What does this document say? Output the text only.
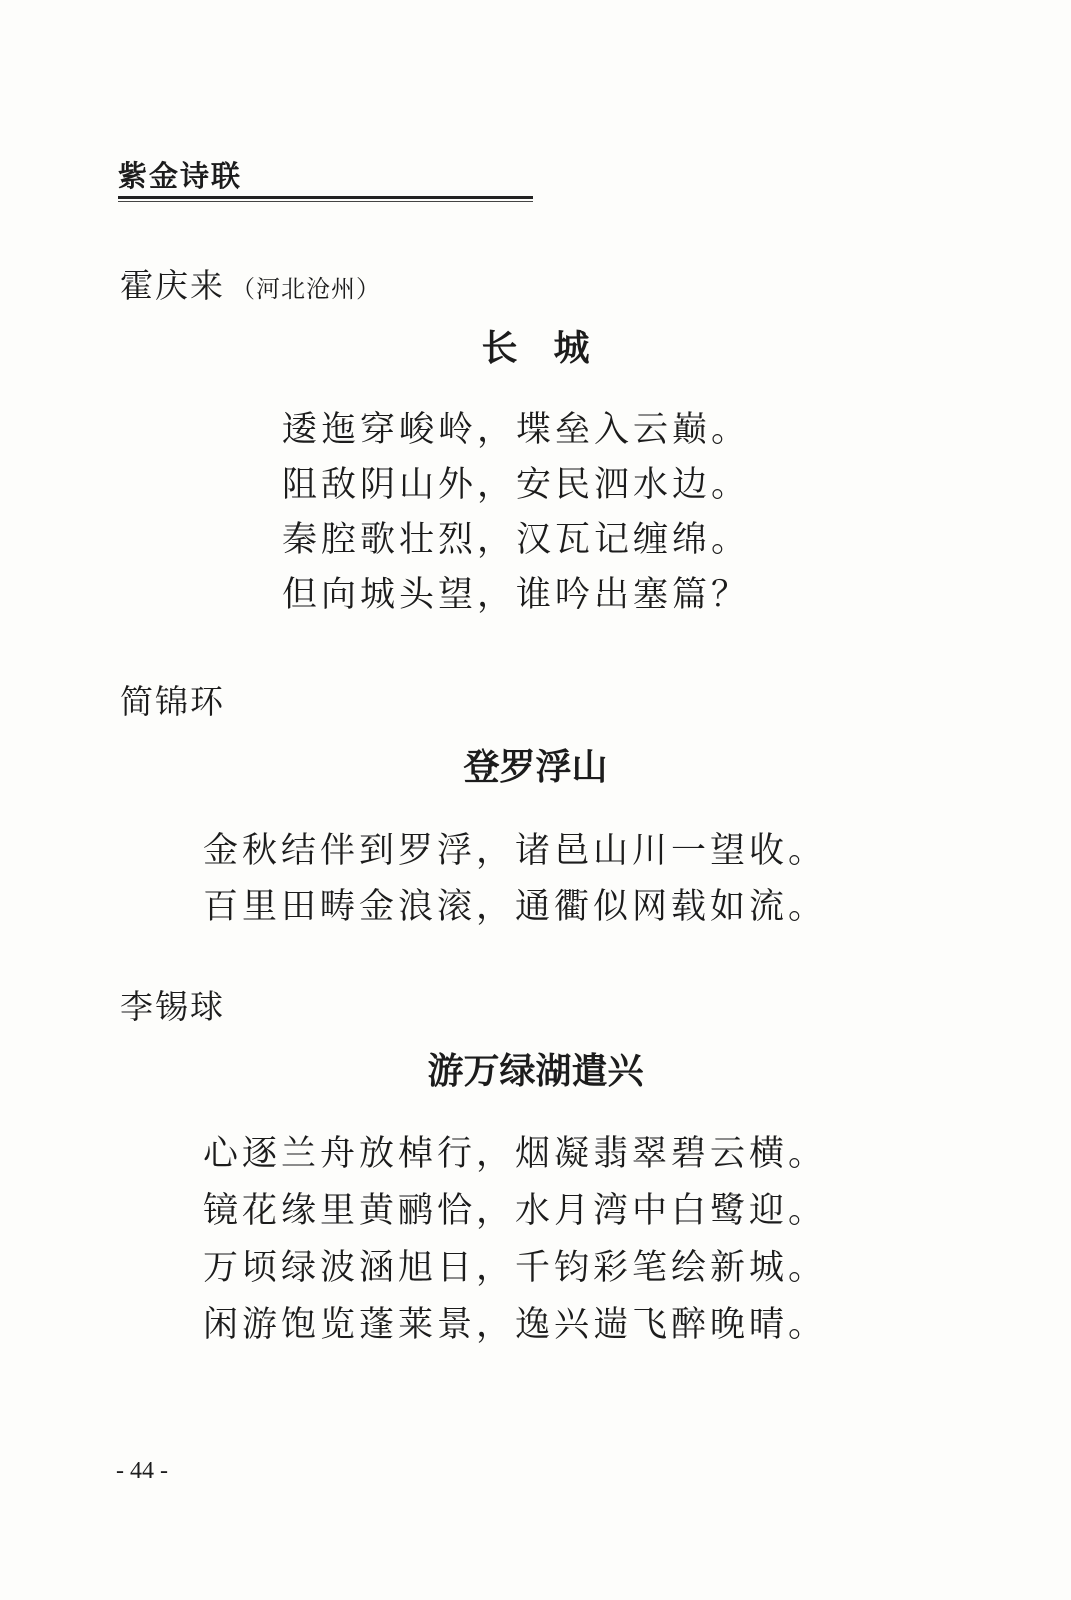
紫金诗联
霍庆来 （河北沧州）
长　城
逶迤穿峻岭，堞垒入云巅。
阻敌阴山外，安民泗水边。
秦腔歌壮烈，汉瓦记缠绵。
但向城头望，谁吟出塞篇？
简锦环
登罗浮山
金秋结伴到罗浮，诸邑山川一望收。
百里田畴金浪滚，通衢似网载如流。
李锡球
游万绿湖遣兴
心逐兰舟放棹行，烟凝翡翠碧云横。
镜花缘里黄鹂恰，水月湾中白鹭迎。
万顷绿波涵旭日，千钧彩笔绘新城。
闲游饱览蓬莱景，逸兴遄飞醉晚晴。
- 44 -
